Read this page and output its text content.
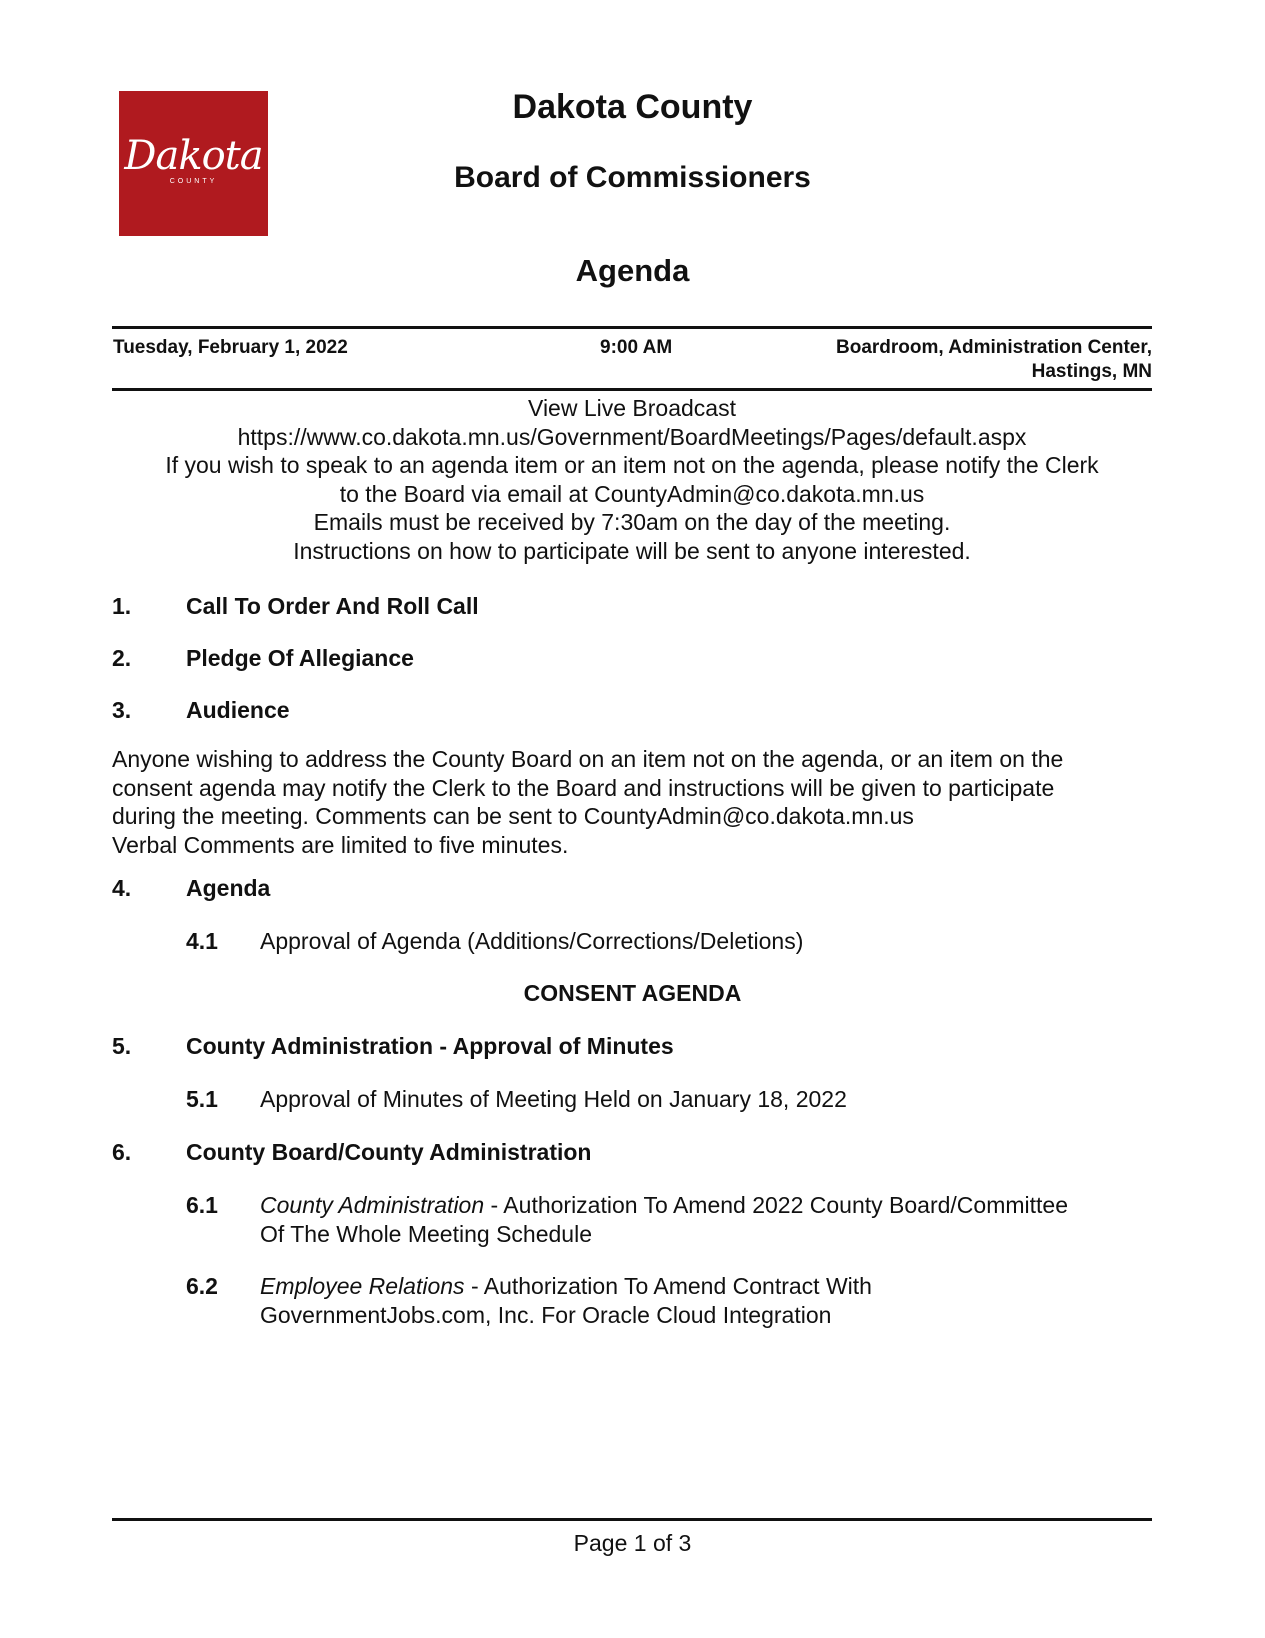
Dakota
COUNTY
Dakota County
Board of Commissioners
Agenda
Tuesday, February 1, 2022	9:00 AM	Boardroom, Administration Center,
Hastings, MN
View Live Broadcast
https://www.co.dakota.mn.us/Government/BoardMeetings/Pages/default.aspx
If you wish to speak to an agenda item or an item not on the agenda, please notify the Clerk
to the Board via email at CountyAdmin@co.dakota.mn.us
Emails must be received by 7:30am on the day of the meeting.
Instructions on how to participate will be sent to anyone interested.
1. Call To Order And Roll Call
2. Pledge Of Allegiance
3. Audience
Anyone wishing to address the County Board on an item not on the agenda, or an item on the
consent agenda may notify the Clerk to the Board and instructions will be given to participate
during the meeting. Comments can be sent to CountyAdmin@co.dakota.mn.us
Verbal Comments are limited to five minutes.
4. Agenda
4.1 Approval of Agenda (Additions/Corrections/Deletions)
CONSENT AGENDA
5. County Administration - Approval of Minutes
5.1 Approval of Minutes of Meeting Held on January 18, 2022
6. County Board/County Administration
6.1 County Administration - Authorization To Amend 2022 County Board/Committee
Of The Whole Meeting Schedule
6.2 Employee Relations - Authorization To Amend Contract With
GovernmentJobs.com, Inc. For Oracle Cloud Integration
Page 1 of 3
